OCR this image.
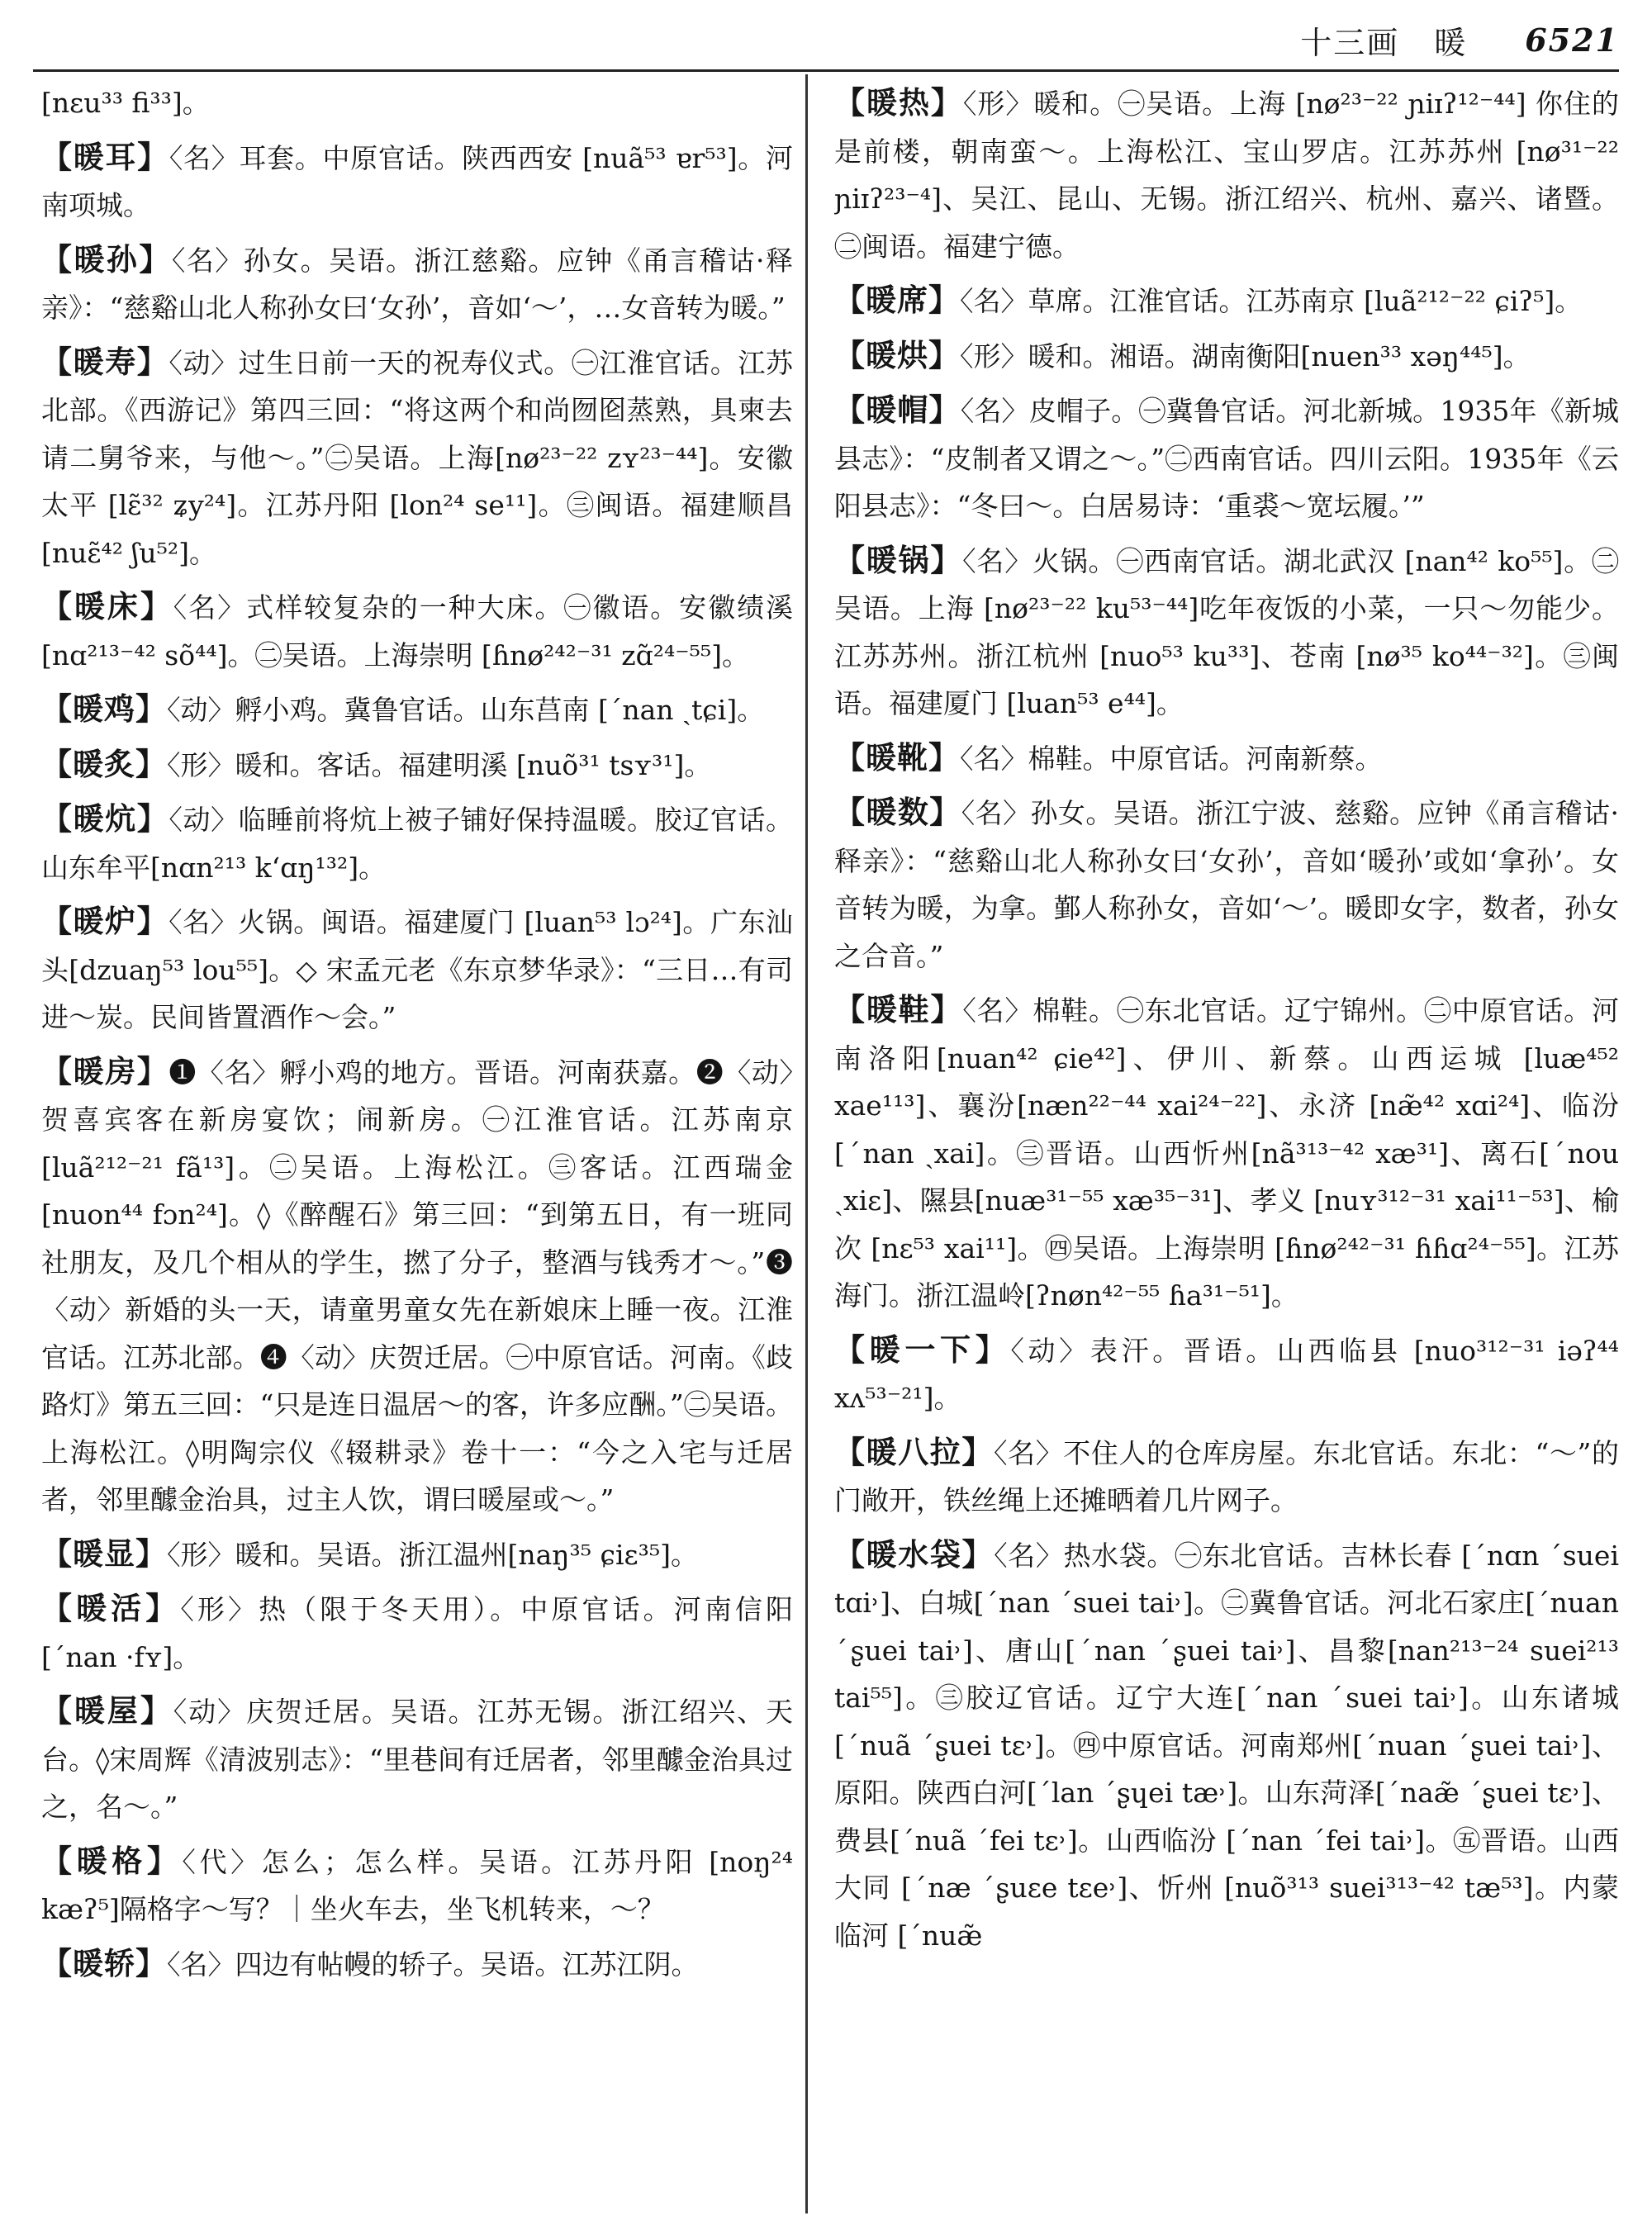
十三画 暖 6521

[nɛu³³ fi³³]。

【暖耳】〈名〉耳套。中原官话。陕西西安 [nuã⁵³ ɐr⁵³]。河南项城。

【暖孙】〈名〉孙女。吴语。浙江慈谿。应钟《甬言稽诂·释亲》：“慈谿山北人称孙女曰‘女孙’，音如‘～’，…女音转为暖。”

【暖寿】〈动〉过生日前一天的祝寿仪式。㊀江淮官话。江苏北部。《西游记》第四三回：“将这两个和尚囫囵蒸熟，具柬去请二舅爷来，与他～。”㊁吴语。上海[nø²³⁻²² zʏ²³⁻⁴⁴]。安徽太平 [lɛ̃³² ʑy²⁴]。江苏丹阳 [lon²⁴ se¹¹]。㊂闽语。福建顺昌 [nuɛ̃⁴² ʃu⁵²]。

【暖床】〈名〉式样较复杂的一种大床。㊀徽语。安徽绩溪[nɑ²¹³⁻⁴² sõ⁴⁴]。㊁吴语。上海崇明 [ɦnø²⁴²⁻³¹ zɑ̃²⁴⁻⁵⁵]。

【暖鸡】〈动〉孵小鸡。冀鲁官话。山东莒南 [ˊnan ˏtɕi]。

【暖炙】〈形〉暖和。客话。福建明溪 [nuõ³¹ tsʏ³¹]。

【暖炕】〈动〉临睡前将炕上被子铺好保持温暖。胶辽官话。山东牟平[nɑn²¹³ kʻɑŋ¹³²]。

【暖炉】〈名〉火锅。闽语。福建厦门 [luan⁵³ lɔ²⁴]。广东汕头[dzuaŋ⁵³ lou⁵⁵]。◇ 宋孟元老《东京梦华录》：“三日…有司进～炭。民间皆置酒作～会。”

【暖房】❶〈名〉孵小鸡的地方。晋语。河南获嘉。❷〈动〉贺喜宾客在新房宴饮；闹新房。㊀江淮官话。江苏南京 [luã²¹²⁻²¹ fã¹³]。㊁吴语。上海松江。㊂客话。江西瑞金[nuon⁴⁴ fɔn²⁴]。◊《醉醒石》第三回：“到第五日，有一班同社朋友，及几个相从的学生，撚了分子，整酒与钱秀才～。”❸〈动〉新婚的头一天，请童男童女先在新娘床上睡一夜。江淮官话。江苏北部。❹〈动〉庆贺迁居。㊀中原官话。河南。《歧路灯》第五三回：“只是连日温居～的客，许多应酬。”㊁吴语。上海松江。◊明陶宗仪《辍耕录》卷十一：“今之入宅与迁居者，邻里醵金治具，过主人饮，谓曰暖屋或～。”

【暖显】〈形〉暖和。吴语。浙江温州[naŋ³⁵ ɕiɛ³⁵]。

【暖活】〈形〉热（限于冬天用）。中原官话。河南信阳 [ˊnan ·fʏ]。

【暖屋】〈动〉庆贺迁居。吴语。江苏无锡。浙江绍兴、天台。◊宋周辉《清波别志》：“里巷间有迁居者，邻里醵金治具过之，名～。”

【暖格】〈代〉怎么；怎么样。吴语。江苏丹阳 [noŋ²⁴ kæʔ⁵]隔格字～写？｜坐火车去，坐飞机转来，～？

【暖轿】〈名〉四边有帖幔的轿子。吴语。江苏江阴。

【暖热】〈形〉暖和。㊀吴语。上海 [nø²³⁻²² ɲiɪʔ¹²⁻⁴⁴] 你住的是前楼，朝南蛮～。上海松江、宝山罗店。江苏苏州 [nø³¹⁻²² ɲiɪʔ²³⁻⁴]、吴江、昆山、无锡。浙江绍兴、杭州、嘉兴、诸暨。㊁闽语。福建宁德。

【暖席】〈名〉草席。江淮官话。江苏南京 [luã²¹²⁻²² ɕiʔ⁵]。

【暖烘】〈形〉暖和。湘语。湖南衡阳[nuen³³ xəŋ⁴⁴⁵]。

【暖帽】〈名〉皮帽子。㊀冀鲁官话。河北新城。1935年《新城县志》：“皮制者又谓之～。”㊁西南官话。四川云阳。1935年《云阳县志》：“冬曰～。白居易诗：‘重裘～宽坛履。’”

【暖锅】〈名〉火锅。㊀西南官话。湖北武汉 [nan⁴² ko⁵⁵]。㊁吴语。上海 [nø²³⁻²² ku⁵³⁻⁴⁴]吃年夜饭的小菜，一只～勿能少。江苏苏州。浙江杭州 [nuo⁵³ ku³³]、苍南 [nø³⁵ ko⁴⁴⁻³²]。㊂闽语。福建厦门 [luan⁵³ e⁴⁴]。

【暖靴】〈名〉棉鞋。中原官话。河南新蔡。

【暖数】〈名〉孙女。吴语。浙江宁波、慈谿。应钟《甬言稽诂·释亲》：“慈谿山北人称孙女曰‘女孙’，音如‘暖孙’或如‘拿孙’。女音转为暖，为拿。鄞人称孙女，音如‘～’。暖即女字，数者，孙女之合音。”

【暖鞋】〈名〉棉鞋。㊀东北官话。辽宁锦州。㊁中原官话。河南洛阳[nuan⁴² ɕie⁴²]、伊川、新蔡。山西运城 [luæ⁴⁵² xae¹¹³]、襄汾[næn²²⁻⁴⁴ xai²⁴⁻²²]、永济 [næ̃⁴² xɑi²⁴]、临汾 [ˊnan ˏxai]。㊂晋语。山西忻州[nã³¹³⁻⁴² xæ³¹]、离石[ˊnou ˏxiɛ]、隰县[nuæ³¹⁻⁵⁵ xæ³⁵⁻³¹]、孝义 [nuʏ³¹²⁻³¹ xai¹¹⁻⁵³]、榆次 [nɛ⁵³ xai¹¹]。㊃吴语。上海崇明 [ɦnø²⁴²⁻³¹ ɦɦɑ²⁴⁻⁵⁵]。江苏海门。浙江温岭[ʔnøn⁴²⁻⁵⁵ ɦa³¹⁻⁵¹]。

【暖一下】〈动〉表汗。晋语。山西临县 [nuo³¹²⁻³¹ iəʔ⁴⁴ xʌ⁵³⁻²¹]。

【暖八拉】〈名〉不住人的仓库房屋。东北官话。东北：“～”的门敞开，铁丝绳上还摊晒着几片网子。

【暖水袋】〈名〉热水袋。㊀东北官话。吉林长春 [ˊnɑn ˊsuei tɑi˒]、白城[ˊnan ˊsuei tai˒]。㊁冀鲁官话。河北石家庄[ˊnuan ˊʂuei tai˒]、唐山[ˊnan ˊʂuei tai˒]、昌黎[nan²¹³⁻²⁴ suei²¹³ tai⁵⁵]。㊂胶辽官话。辽宁大连[ˊnan ˊsuei tai˒]。山东诸城[ˊnuã ˊʂuei tɛ˒]。㊃中原官话。河南郑州[ˊnuan ˊʂuei tai˒]、原阳。陕西白河[ˊlan ˊʂɥei tæ˒]。山东菏泽[ˊnaæ̃ ˊʂuei tɛ˒]、费县[ˊnuã ˊfei tɛ˒]。山西临汾 [ˊnan ˊfei tai˒]。㊄晋语。山西大同 [ˊnæ ˊʂuɛe tɛe˒]、忻州 [nuõ³¹³ suei³¹³⁻⁴² tæ⁵³]。内蒙临河 [ˊnuæ̃
